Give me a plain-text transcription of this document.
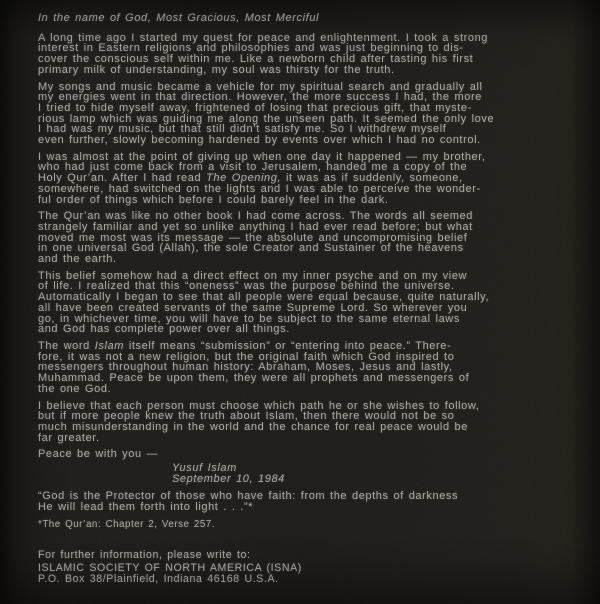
In the name of God, Most Gracious, Most Merciful
A long time ago I started my quest for peace and enlightenment. I took a strong
interest in Eastern religions and philosophies and was just beginning to dis-
cover the conscious self within me. Like a newborn child after tasting his first
primary milk of understanding, my soul was thirsty for the truth.
My songs and music became a vehicle for my spiritual search and gradually all
my energies went in that direction. However, the more success I had, the more
I tried to hide myself away, frightened of losing that precious gift, that myste-
rious lamp which was guiding me along the unseen path. It seemed the only love
I had was my music, but that still didn’t satisfy me. So I withdrew myself
even further, slowly becoming hardened by events over which I had no control.
I was almost at the point of giving up when one day it happened — my brother,
who had just come back from a visit to Jerusalem, handed me a copy of the
Holy Qur’an. After I had read The Opening, it was as if suddenly, someone,
somewhere, had switched on the lights and I was able to perceive the wonder-
ful order of things which before I could barely feel in the dark.
The Qur’an was like no other book I had come across. The words all seemed
strangely familiar and yet so unlike anything I had ever read before; but what
moved me most was its message — the absolute and uncompromising belief
in one universal God (Allah), the sole Creator and Sustainer of the heavens
and the earth.
This belief somehow had a direct effect on my inner psyche and on my view
of life. I realized that this “oneness” was the purpose behind the universe.
Automatically I began to see that all people were equal because, quite naturally,
all have been created servants of the same Supreme Lord. So wherever you
go, in whichever time, you will have to be subject to the same eternal laws
and God has complete power over all things.
The word Islam itself means “submission” or “entering into peace.” There-
fore, it was not a new religion, but the original faith which God inspired to
messengers throughout human history: Abraham, Moses, Jesus and lastly,
Muhammad. Peace be upon them, they were all prophets and messengers of
the one God.
I believe that each person must choose which path he or she wishes to follow,
but if more people knew the truth about Islam, then there would not be so
much misunderstanding in the world and the chance for real peace would be
far greater.
Peace be with you —
Yusuf Islam
September 10, 1984
“God is the Protector of those who have faith: from the depths of darkness
He will lead them forth into light . . .”*
*The Qur’an: Chapter 2, Verse 257.
For further information, please write to:
ISLAMIC SOCIETY OF NORTH AMERICA (ISNA)
P.O. Box 38/Plainfield, Indiana 46168 U.S.A.
